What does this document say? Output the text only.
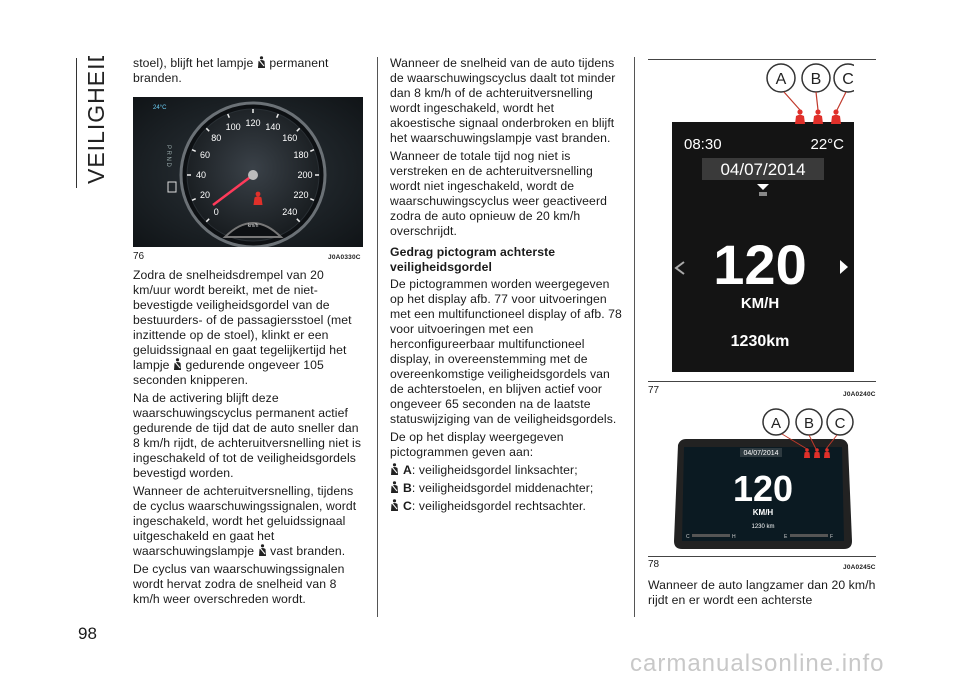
VEILIGHEID
98

stoel), blijft het lampje permanent branden.

0
20
40
60
80
100 120 140
160
180
200
220
240
km/h
24°C
P R N D
76	J0A0330C

Zodra de snelheidsdrempel van 20 km/uur wordt bereikt, met de niet-bevestigde veiligheidsgordel van de bestuurders- of de passagiersstoel (met inzittende op de stoel), klinkt er een geluidssignaal en gaat tegelijkertijd het lampje gedurende ongeveer 105 seconden knipperen.

Na de activering blijft deze waarschuwingscyclus permanent actief gedurende de tijd dat de auto sneller dan 8 km/h rijdt, de achteruitversnelling niet is ingeschakeld of tot de veiligheidsgordels bevestigd worden.

Wanneer de achteruitversnelling, tijdens de cyclus waarschuwingssignalen, wordt ingeschakeld, wordt het geluidssignaal uitgeschakeld en gaat het waarschuwingslampje vast branden.

De cyclus van waarschuwingssignalen wordt hervat zodra de snelheid van 8 km/h weer overschreden wordt.

Wanneer de snelheid van de auto tijdens de waarschuwingscyclus daalt tot minder dan 8 km/h of de achteruitversnelling wordt ingeschakeld, wordt het akoestische signaal onderbroken en blijft het waarschuwingslampje vast branden.

Wanneer de totale tijd nog niet is verstreken en de achteruitversnelling wordt niet ingeschakeld, wordt de waarschuwingscyclus weer geactiveerd zodra de auto opnieuw de 20 km/h overschrijdt.

Gedrag pictogram achterste veiligheidsgordel

De pictogrammen worden weergegeven op het display afb. 77 voor uitvoeringen met een multifunctioneel display of afb. 78 voor uitvoeringen met een herconfigureerbaar multifunctioneel display, in overeenstemming met de overeenkomstige veiligheidsgordels van de achterstoelen, en blijven actief voor ongeveer 65 seconden na de laatste statuswijziging van de veiligheidsgordels.

De op het display weergegeven pictogrammen geven aan:

A: veiligheidsgordel linksachter;

B: veiligheidsgordel middenachter;

C: veiligheidsgordel rechtsachter.

A B C
08:30	22°C
04/07/2014
120
KM/H
1230km
77	J0A0240C
A B C
04/07/2014
120
KM/H
1230 km
C	H	E	F
78	J0A0245C

Wanneer de auto langzamer dan 20 km/h rijdt en er wordt een achterste

carmanualsonline.info
